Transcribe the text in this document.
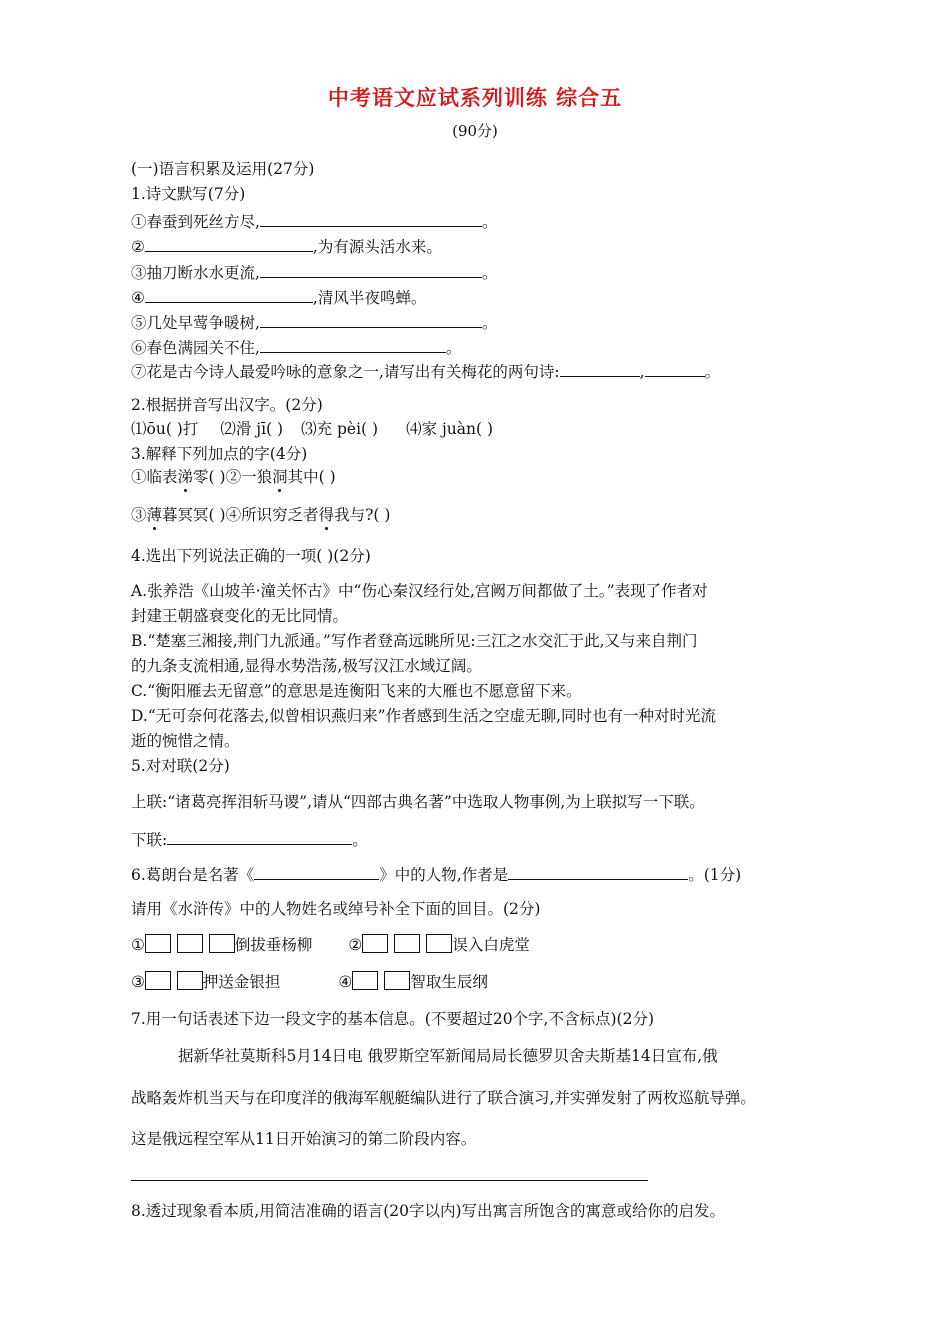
中考语文应试系列训练 综合五
(90分)
(一)语言积累及运用(27分)
1.诗文默写(7分)
①春蚕到死丝方尽,	。
②	,为有源头活水来。
③抽刀断水水更流,	。
④	,清风半夜鸣蝉。
⑤几处早莺争暖树,	。
⑥春色满园关不住,	。
⑦花是古今诗人最爱吟咏的意象之一,请写出有关梅花的两句诗:	,	。
2.根据拼音写出汉字。(2分)
⑴ōu( )打 ⑵滑 jī( ) ⑶充 pèi( ) ⑷家 juàn( )
3.解释下列加点的字(4分)
①临表涕零( )②一狼洞其中( )
③薄暮冥冥( )④所识穷乏者得我与?( )
4.选出下列说法正确的一项( )(2分)
A.张养浩《山坡羊·潼关怀古》中“伤心秦汉经行处,宫阙万间都做了土。”表现了作者对
封建王朝盛衰变化的无比同情。
B.“楚塞三湘接,荆门九派通。”写作者登高远眺所见:三江之水交汇于此,又与来自荆门
的九条支流相通,显得水势浩荡,极写汉江水域辽阔。
C.“衡阳雁去无留意”的意思是连衡阳飞来的大雁也不愿意留下来。
D.“无可奈何花落去,似曾相识燕归来”作者感到生活之空虚无聊,同时也有一种对时光流
逝的惋惜之情。
5.对对联(2分)
上联:“诸葛亮挥泪斩马谡”,请从“四部古典名著”中选取人物事例,为上联拟写一下联。
下联:	。
6.葛朗台是名著《	》中的人物,作者是	。(1分)
请用《水浒传》中的人物姓名或绰号补全下面的回目。(2分)
①	倒拔垂杨柳 ②	误入白虎堂
③	押送金银担	④	智取生辰纲
7.用一句话表述下边一段文字的基本信息。(不要超过20个字,不含标点)(2分)
据新华社莫斯科5月14日电 俄罗斯空军新闻局局长德罗贝舍夫斯基14日宣布,俄
战略轰炸机当天与在印度洋的俄海军舰艇编队进行了联合演习,并实弹发射了两枚巡航导弹。
这是俄远程空军从11日开始演习的第二阶段内容。
8.透过现象看本质,用简洁准确的语言(20字以内)写出寓言所饱含的寓意或给你的启发。
